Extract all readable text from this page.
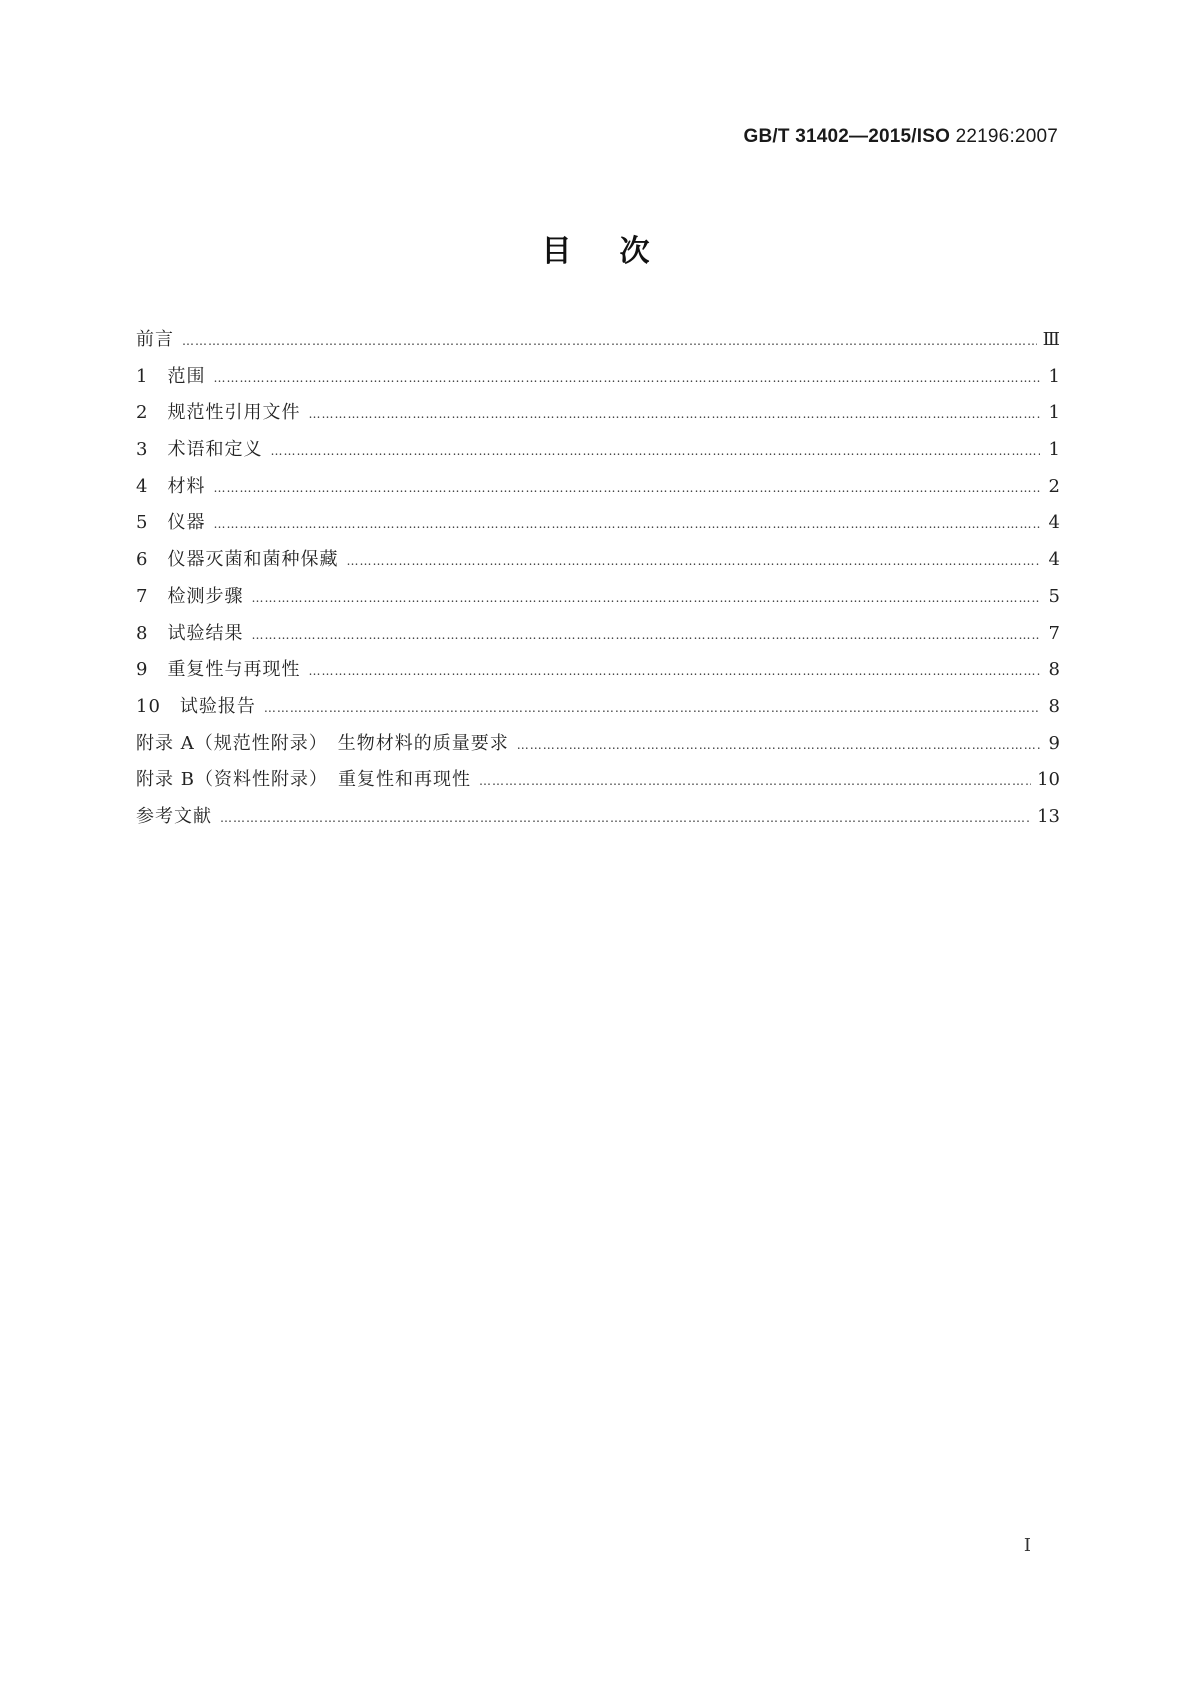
GB/T 31402—2015/ISO 22196:2007
目次
前言 ………………………………………………………………………………………………………………………………………………………………………………………………………………………………………………	Ⅲ
1　范围 ………………………………………………………………………………………………………………………………………………………………………………………………………………………………………………	1
2　规范性引用文件 ………………………………………………………………………………………………………………………………………………………………………………………………………………………………………………	1
3　术语和定义 ………………………………………………………………………………………………………………………………………………………………………………………………………………………………………………	1
4　材料 ………………………………………………………………………………………………………………………………………………………………………………………………………………………………………………	2
5　仪器 ………………………………………………………………………………………………………………………………………………………………………………………………………………………………………………	4
6　仪器灭菌和菌种保藏 ………………………………………………………………………………………………………………………………………………………………………………………………………………………………………………	4
7　检测步骤 ………………………………………………………………………………………………………………………………………………………………………………………………………………………………………………	5
8　试验结果 ………………………………………………………………………………………………………………………………………………………………………………………………………………………………………………	7
9　重复性与再现性 ………………………………………………………………………………………………………………………………………………………………………………………………………………………………………………	8
10　试验报告 ………………………………………………………………………………………………………………………………………………………………………………………………………………………………………………	8
附录 A（规范性附录）　生物材料的质量要求 ………………………………………………………………………………………………………………………………………………………………………………………………………………………………………………	9
附录 B（资料性附录）　重复性和再现性 ………………………………………………………………………………………………………………………………………………………………………………………………………………………………………………	10
参考文献 ………………………………………………………………………………………………………………………………………………………………………………………………………………………………………………	13
I
